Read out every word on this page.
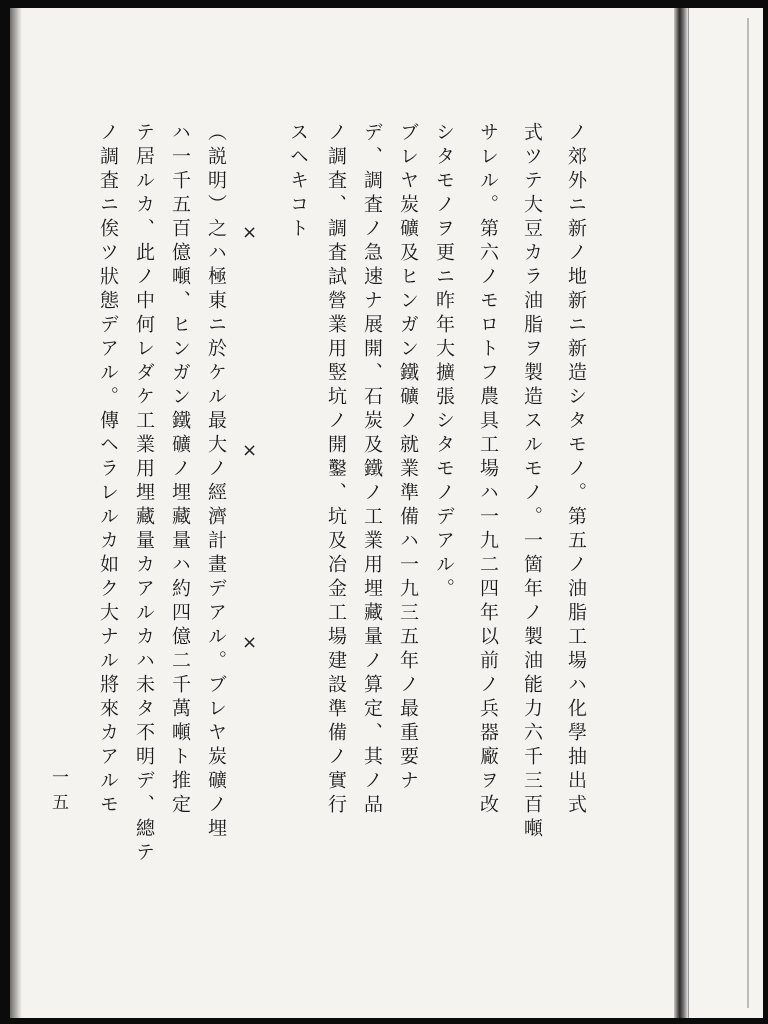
ノ郊外ニ新ノ地新ニ新造シタモノ。第五ノ油脂工場ハ化學抽出式
式ツテ大豆カラ油脂ヲ製造スルモノ。一箇年ノ製油能力六千三百噸
サレル。第六ノモロトフ農具工場ハ一九二四年以前ノ兵器廠ヲ改
シタモノヲ更ニ昨年大擴張シタモノデアル。
ブレヤ炭礦及ヒンガン鐵礦ノ就業準備ハ一九三五年ノ最重要ナ
デ、調査ノ急速ナ展開、石炭及鐵ノ工業用埋藏量ノ算定、其ノ品
ノ調査、調査試營業用竪坑ノ開鑿、坑及冶金工場建設準備ノ實行
スヘキコト
×
×
×
（説明）之ハ極東ニ於ケル最大ノ經濟計畫デアル。ブレヤ炭礦ノ埋
ハ一千五百億噸、ヒンガン鐵礦ノ埋藏量ハ約四億二千萬噸ト推定
テ居ルカ、此ノ中何レダケ工業用埋藏量カアルカハ未タ不明デ、總テ
ノ調査ニ俟ツ狀態デアル。傳ヘラレルカ如ク大ナル將來カアルモ
一五
